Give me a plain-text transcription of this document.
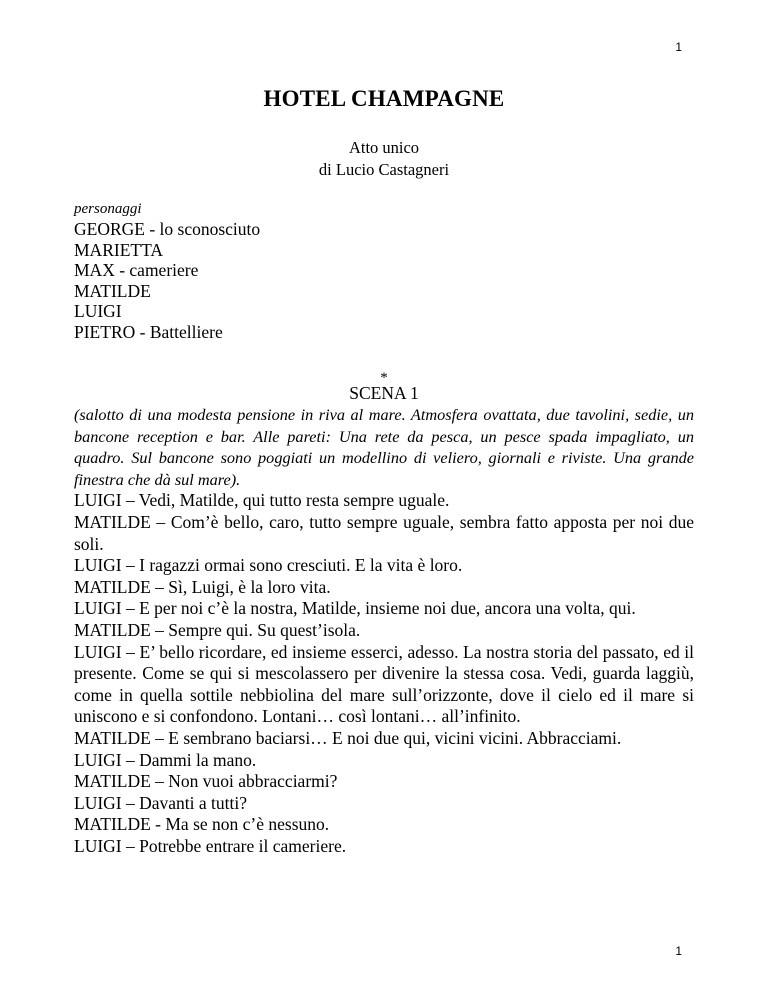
1
HOTEL CHAMPAGNE
Atto unico
di Lucio Castagneri
personaggi
GEORGE - lo sconosciuto
MARIETTA
MAX - cameriere
MATILDE
LUIGI
PIETRO - Battelliere
*
SCENA 1

(salotto di una modesta pensione in riva al mare. Atmosfera ovattata, due tavolini, sedie, un bancone reception e bar. Alle pareti: Una rete da pesca, un pesce spada impagliato, un quadro. Sul bancone sono poggiati un modellino di veliero, giornali e riviste. Una grande finestra che dà sul mare).

LUIGI – Vedi, Matilde, qui tutto resta sempre uguale.

MATILDE – Com’è bello, caro, tutto sempre uguale, sembra fatto apposta per noi due soli.

LUIGI – I ragazzi ormai sono cresciuti. E la vita è loro.

MATILDE – Sì, Luigi, è la loro vita.

LUIGI – E per noi c’è la nostra, Matilde, insieme noi due, ancora una volta, qui.

MATILDE – Sempre qui. Su quest’isola.

LUIGI – E’ bello ricordare, ed insieme esserci, adesso. La nostra storia del passato, ed il presente. Come se qui si mescolassero per divenire la stessa cosa. Vedi, guarda laggiù, come in quella sottile nebbiolina del mare sull’orizzonte, dove il cielo ed il mare si uniscono e si confondono. Lontani… così lontani… all’infinito.

MATILDE – E sembrano baciarsi… E noi due qui, vicini vicini. Abbracciami.

LUIGI – Dammi la mano.

MATILDE – Non vuoi abbracciarmi?

LUIGI – Davanti a tutti?

MATILDE - Ma se non c’è nessuno.

LUIGI – Potrebbe entrare il cameriere.

1
